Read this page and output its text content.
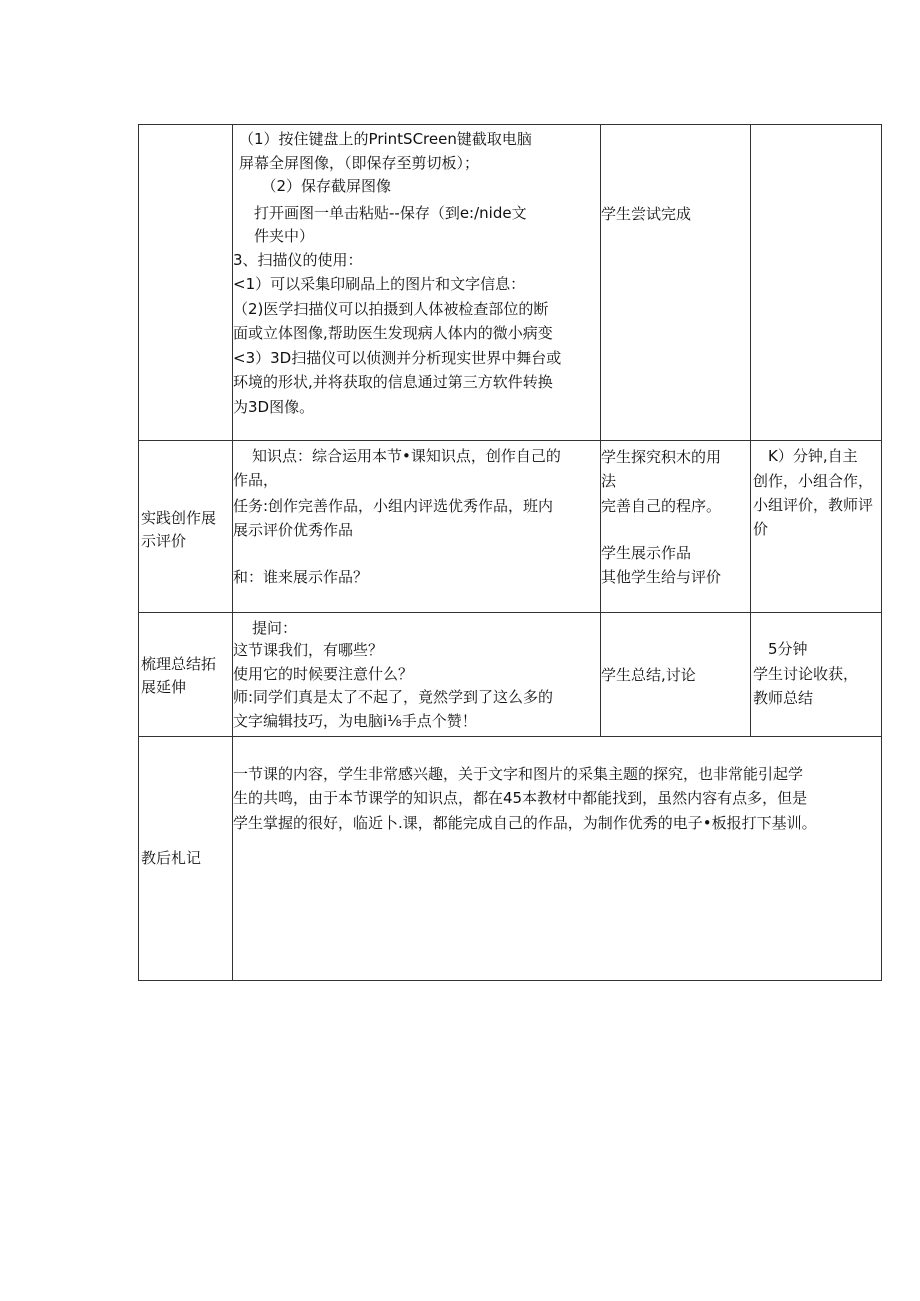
（1）按住键盘上的PrintSCreen键截取电脑
屏幕全屏图像，（即保存至剪切板）；
　　（2）保存截屏图像
　打开画图一单击粘贴--保存（到e:/nide文
　件夹中）
3、扫描仪的使用：
<1）可以采集印刷品上的图片和文字信息：
（2)医学扫描仪可以拍摄到人体被检查部位的断
面或立体图像,帮助医生发现病人体内的微小病变
<3）3D扫描仪可以侦测并分析现实世界中舞台或
环境的形状,并将获取的信息通过第三方软件转换
为3D图像。
学生尝试完成
实践创作展
示评价
　知识点：综合运用本节•课知识点，创作自己的
作品，
任务:创作完善作品，小组内评选优秀作品，班内
展示评价优秀作品
和：谁来展示作品？
学生探究积木的用
法
完善自己的程序。
学生展示作品
其他学生给与评价
　K）分钟,自主
创作，小组合作，
小组评价，教师评
价
梳理总结拓
展延伸
　提问：
这节课我们，有哪些？
使用它的时候要注意什么？
师:同学们真是太了不起了，竟然学到了这么多的
文字编辑技巧，为电脑i⅛手点个赞！
学生总结,讨论
　5分钟
学生讨论收获，
教师总结
教后札记
一节课的内容，学生非常感兴趣，关于文字和图片的采集主题的探究，也非常能引起学
生的共鸣，由于本节课学的知识点，都在45本教材中都能找到，虽然内容有点多，但是
学生掌握的很好，临近卜.课，都能完成自己的作品，为制作优秀的电子•板报打下基训。
